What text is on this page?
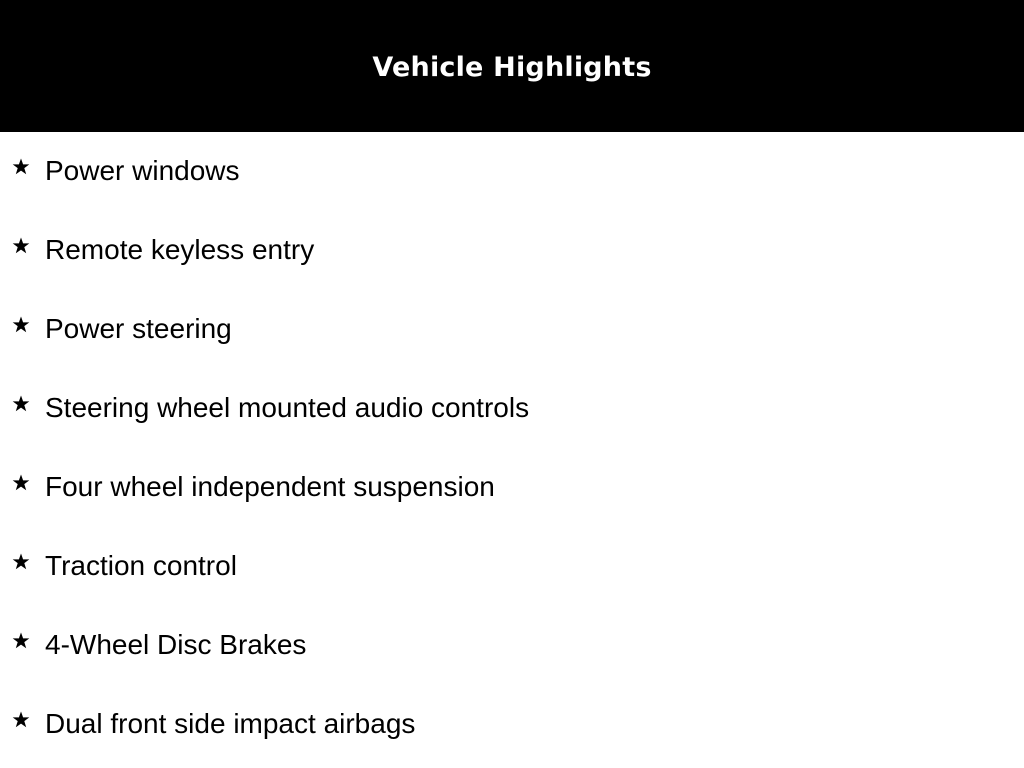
Vehicle Highlights
Power windows
Remote keyless entry
Power steering
Steering wheel mounted audio controls
Four wheel independent suspension
Traction control
4-Wheel Disc Brakes
Dual front side impact airbags
